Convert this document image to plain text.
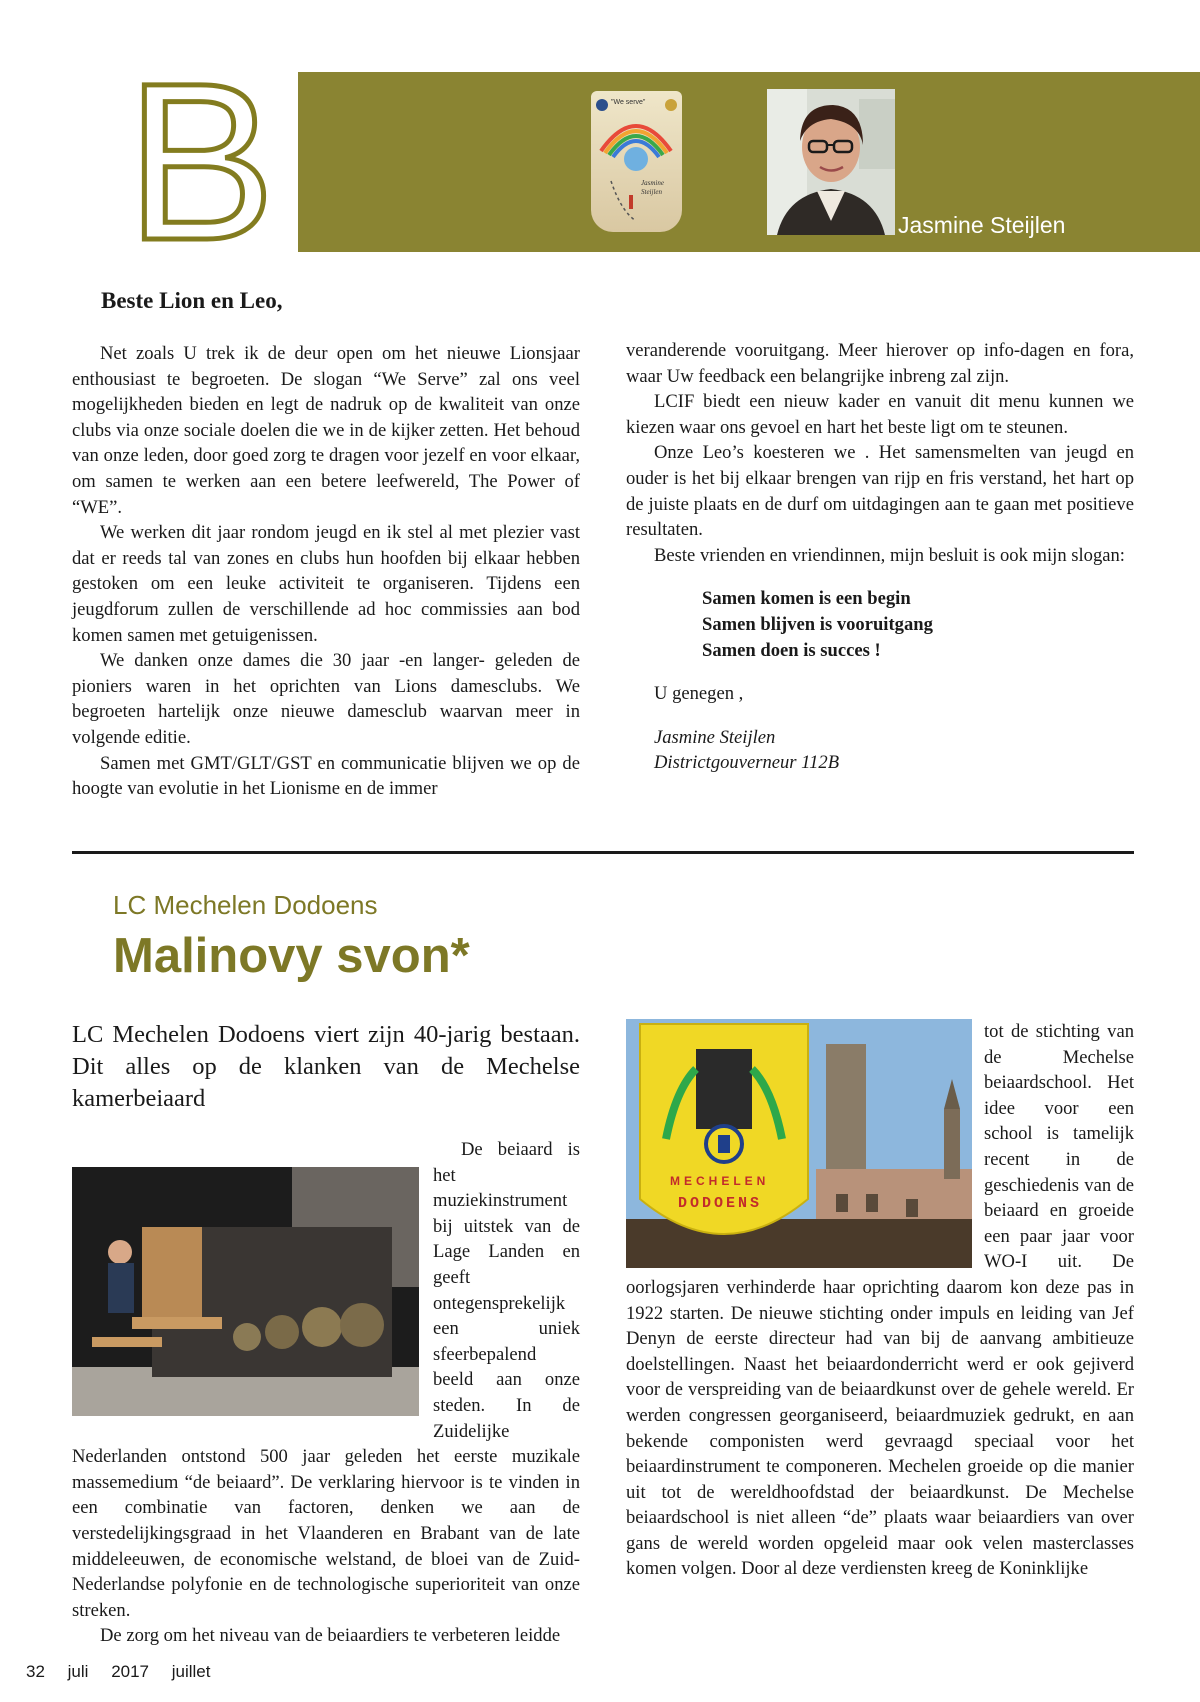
B	"We serve"
Jasmine Steijlen
Jasmine Steijlen
Beste Lion en Leo,

Net zoals U trek ik de deur open om het nieuwe Lionsjaar enthousiast te begroeten. De slogan “We Serve” zal ons veel mogelijkheden bieden en legt de nadruk op de kwaliteit van onze clubs via onze sociale doelen die we in de kijker zetten. Het behoud van onze leden, door goed zorg te dragen voor jezelf en voor elkaar, om samen te werken aan een betere leefwereld, The Power of “WE”.

We werken dit jaar rondom jeugd en ik stel al met plezier vast dat er reeds tal van zones en clubs hun hoofden bij elkaar hebben gestoken om een leuke activiteit te organiseren. Tijdens een jeugdforum zullen de verschillende ad hoc commissies aan bod komen samen met getuigenissen.

We danken onze dames die 30 jaar -en langer- geleden de pioniers waren in het oprichten van Lions damesclubs. We begroeten hartelijk onze nieuwe damesclub waarvan meer in volgende editie.

Samen met GMT/GLT/GST en communicatie blijven we op de hoogte van evolutie in het Lionisme en de immer

veranderende vooruitgang. Meer hierover op info-dagen en fora, waar Uw feedback een belangrijke inbreng zal zijn.

LCIF biedt een nieuw kader en vanuit dit menu kunnen we kiezen waar ons gevoel en hart het beste ligt om te steunen.

Onze Leo’s koesteren we . Het samensmelten van jeugd en ouder is het bij elkaar brengen van rijp en fris verstand, het hart op de juiste plaats en de durf om uitdagingen aan te gaan met positieve resultaten.

Beste vrienden en vriendinnen, mijn besluit is ook mijn slogan:

Samen komen is een begin
Samen blijven is vooruitgang
Samen doen is succes !

U genegen ,

Jasmine Steijlen
Districtgouverneur 112B

LC Mechelen Dodoens
Malinovy svon*
LC Mechelen Dodoens viert zijn 40-jarig bestaan. Dit alles op de klanken van de Mechelse kamerbeiaard

De beiaard is het muziekinstrument bij uitstek van de Lage Landen en geeft ontegensprekelijk een uniek sfeerbepalend beeld aan onze steden. In de Zuidelijke Nederlanden ontstond 500 jaar geleden het eerste muzikale massemedium “de beiaard”. De verklaring hiervoor is te vinden in een combinatie van factoren, denken we aan de verstedelijkingsgraad in het Vlaanderen en Brabant van de late middeleeuwen, de economische welstand, de bloei van de Zuid-Nederlandse polyfonie en de technologische superioriteit van onze streken.

De zorg om het niveau van de beiaardiers te verbeteren leidde

MECHELEN
DODOENS

tot de stichting van de Mechelse beiaardschool. Het idee voor een school is tamelijk recent in de geschiedenis van de beiaard en groeide een paar jaar voor WO-I uit. De oorlogsjaren verhinderde haar oprichting daarom kon deze pas in 1922 starten. De nieuwe stichting onder impuls en leiding van Jef Denyn de eerste directeur had van bij de aanvang ambitieuze doelstellingen. Naast het beiaardonderricht werd er ook gejiverd voor de verspreiding van de beiaardkunst over de gehele wereld. Er werden congressen georganiseerd, beiaardmuziek gedrukt, en aan bekende componisten werd gevraagd speciaal voor het beiaardinstrument te componeren. Mechelen groeide op die manier uit tot de wereldhoofdstad der beiaardkunst. De Mechelse beiaardschool is niet alleen “de” plaats waar beiaardiers van over gans de wereld worden opgeleid maar ook velen masterclasses komen volgen. Door al deze verdiensten kreeg de Koninklijke

32 juli 2017 juillet
